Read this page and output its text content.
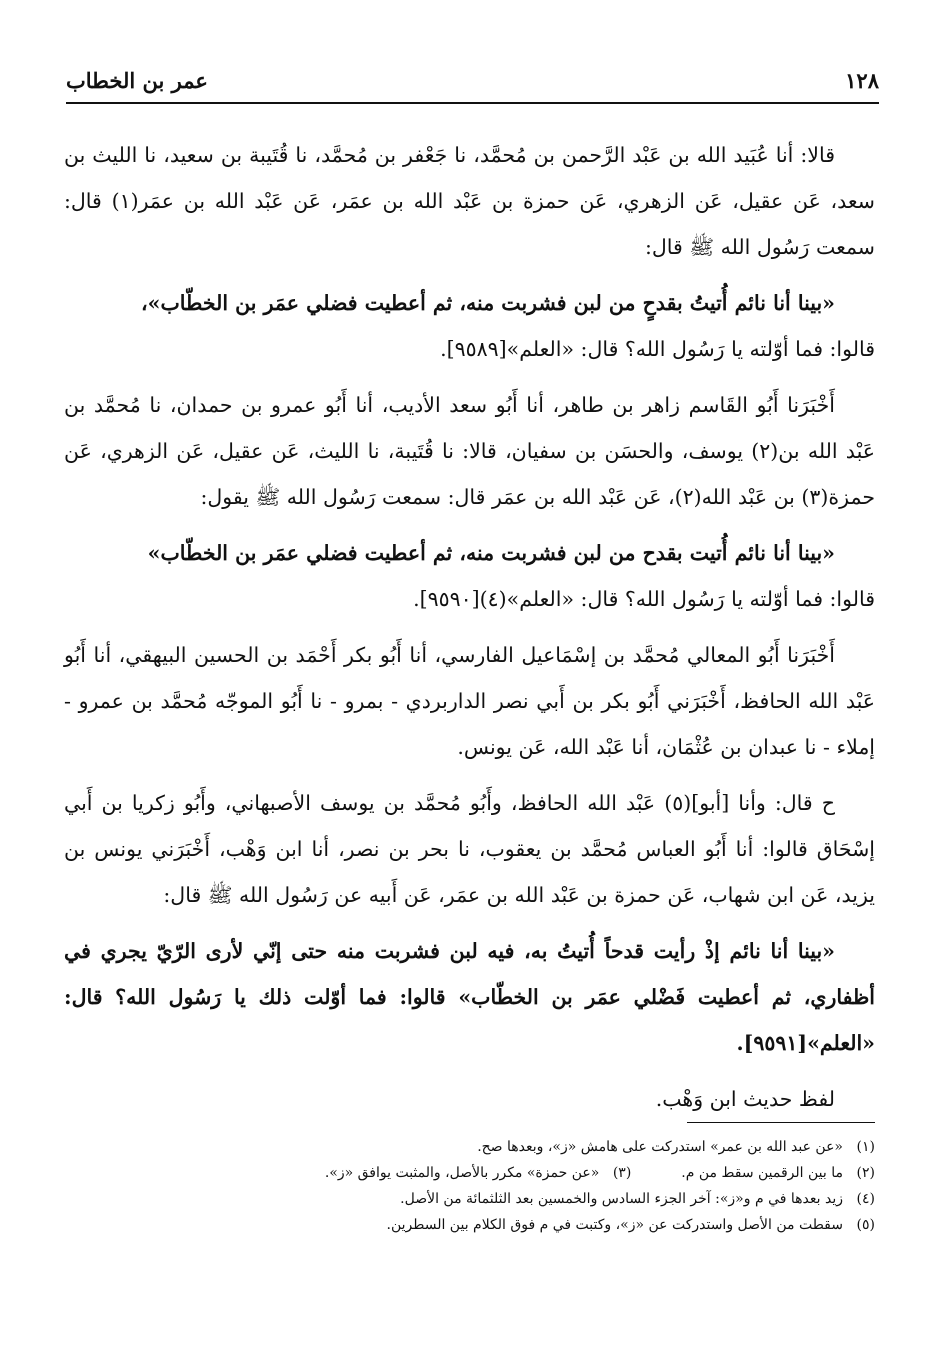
١٢٨
عمر بن الخطاب

قالا: أنا عُبَيد الله بن عَبْد الرَّحمن بن مُحمَّد، نا جَعْفر بن مُحمَّد، نا قُتَيبة بن سعيد، نا الليث بن سعد، عَن عقيل، عَن الزهري، عَن حمزة بن عَبْد الله بن عمَر، عَن عَبْد الله بن عمَر(١) قال: سمعت رَسُول الله ﷺ قال:

«بينا أنا نائم أُتيتُ بقدحٍ من لبن فشربت منه، ثم أعطيت فضلي عمَر بن الخطّاب»،
قالوا: فما أوّلته يا رَسُول الله؟ قال: «العلم»[٩٥٨٩].

أَخْبَرَنا أَبُو القَاسم زاهر بن طاهر، أنا أَبُو سعد الأديب، أنا أَبُو عمرو بن حمدان، نا مُحمَّد بن عَبْد الله بن(٢) يوسف، والحسَن بن سفيان، قالا: نا قُتَيبة، نا الليث، عَن عقيل، عَن الزهري، عَن حمزة(٣) بن عَبْد الله(٢)، عَن عَبْد الله بن عمَر قال: سمعت رَسُول الله ﷺ يقول:

«بينا أنا نائم أُتيت بقدح من لبن فشربت منه، ثم أعطيت فضلي عمَر بن الخطّاب»
قالوا: فما أوّلته يا رَسُول الله؟ قال: «العلم»(٤)[٩٥٩٠].

أَخْبَرَنا أَبُو المعالي مُحمَّد بن إسْمَاعيل الفارسي، أنا أَبُو بكر أَحْمَد بن الحسين البيهقي، أنا أَبُو عَبْد الله الحافظ، أَخْبَرَني أَبُو بكر بن أَبي نصر الداربردي - بمرو - نا أَبُو الموجّه مُحمَّد بن عمرو - إملاء - نا عبدان بن عُثْمَان، أنا عَبْد الله، عَن يونس.

ح قال: وأنا [أبو](٥) عَبْد الله الحافظ، وأَبُو مُحمَّد بن يوسف الأصبهاني، وأَبُو زكريا بن أَبي إسْحَاق قالوا: أنا أَبُو العباس مُحمَّد بن يعقوب، نا بحر بن نصر، أنا ابن وَهْب، أَخْبَرَني يونس بن يزيد، عَن ابن شهاب، عَن حمزة بن عَبْد الله بن عمَر، عَن أَبيه عن رَسُول الله ﷺ قال:

«بينا أنا نائم إذْ رأيت قدحاً أُتيتُ به، فيه لبن فشربت منه حتى إنّي لأرى الرّيّ يجري في أظفاري، ثم أعطيت فَضْلي عمَر بن الخطّاب» قالوا: فما أوّلت ذلك يا رَسُول الله؟ قال: «العلم»[٩٥٩١].

لفظ حديث ابن وَهْب.

(١)
«عن عبد الله بن عمر» استدركت على هامش «ز»، وبعدها صح.
(٢)
ما بين الرقمين سقط من م.
(٣)
«عن حمزة» مكرر بالأصل، والمثبت يوافق «ز».
(٤)
زيد بعدها في م و«ز»: آخر الجزء السادس والخمسين بعد الثلثمائة من الأصل.
(٥)
سقطت من الأصل واستدركت عن «ز»، وكتبت في م فوق الكلام بين السطرين.
